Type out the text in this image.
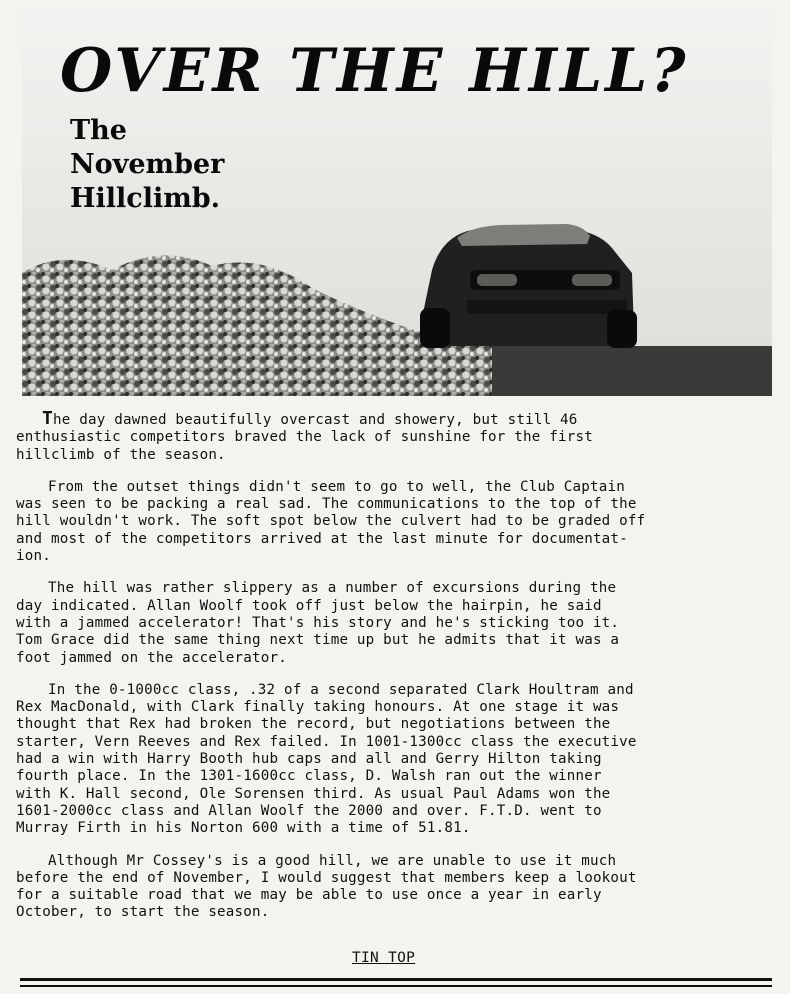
OVER THE HILL?
The
November
Hillclimb.

The day dawned beautifully overcast and showery, but still 46
enthusiastic competitors braved the lack of sunshine for the first
hillclimb of the season.

From the outset things didn't seem to go to well, the Club Captain
was seen to be packing a real sad. The communications to the top of the
hill wouldn't work. The soft spot below the culvert had to be graded off
and most of the competitors arrived at the last minute for documentat-
ion.

The hill was rather slippery as a number of excursions during the
day indicated. Allan Woolf took off just below the hairpin, he said
with a jammed accelerator! That's his story and he's sticking too it.
Tom Grace did the same thing next time up but he admits that it was a
foot jammed on the accelerator.

In the 0-1000cc class, .32 of a second separated Clark Houltram and
Rex MacDonald, with Clark finally taking honours. At one stage it was
thought that Rex had broken the record, but negotiations between the
starter, Vern Reeves and Rex failed. In 1001-1300cc class the executive
had a win with Harry Booth hub caps and all and Gerry Hilton taking
fourth place. In the 1301-1600cc class, D. Walsh ran out the winner
with K. Hall second, Ole Sorensen third. As usual Paul Adams won the
1601-2000cc class and Allan Woolf the 2000 and over. F.T.D. went to
Murray Firth in his Norton 600 with a time of 51.81.

Although Mr Cossey's is a good hill, we are unable to use it much
before the end of November, I would suggest that members keep a lookout
for a suitable road that we may be able to use once a year in early
October, to start the season.

TIN TOP
